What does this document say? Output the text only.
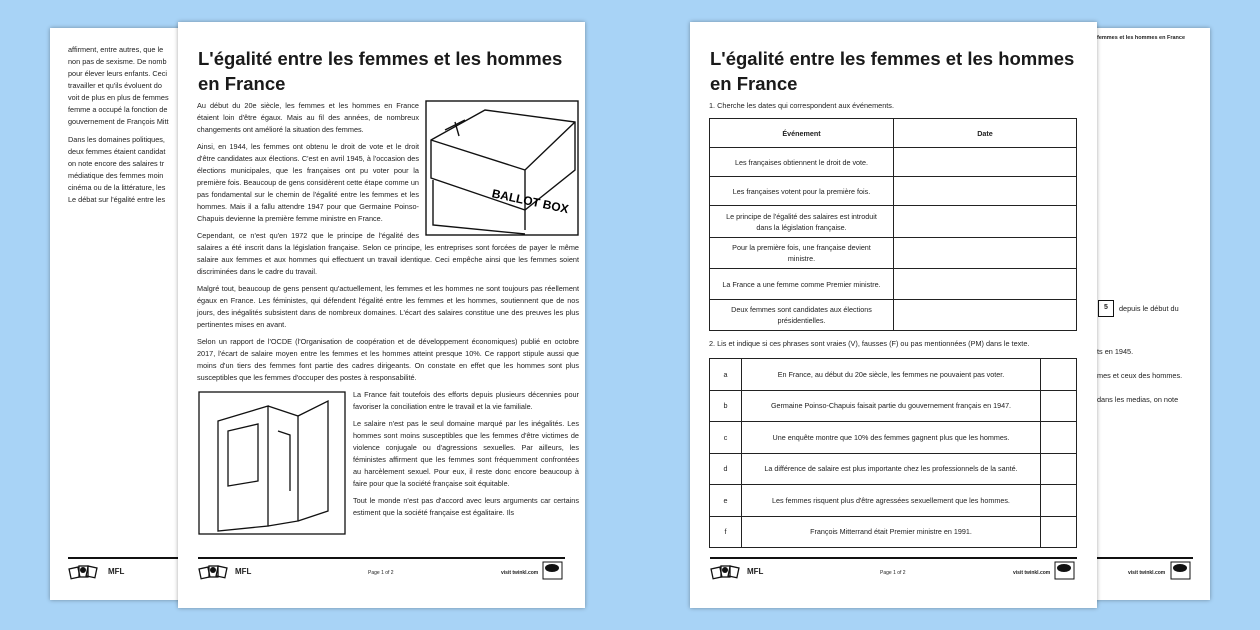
affirment, entre autres, que le
non pas de sexisme. De nomb
pour élever leurs enfants. Ceci
travailler et qu'ils évoluent do
voit de plus en plus de femmes
femme a occupé la fonction de
gouvernement de François Mitt
Dans les domaines politiques,
deux femmes étaient candidat
on note encore des salaires tr
médiatique des femmes moin
cinéma ou de la littérature, les
Le débat sur l'égalité entre les
MFL
femmes et les hommes en France
5	depuis le début du
ts en 1945.
mes et ceux des hommes.
dans les medias, on note
visit twinkl.com
L'égalité entre les femmes et les hommes
en France
BALLOT BOX

Au début du 20e siècle, les femmes et les hommes en France étaient loin d'être égaux. Mais au fil des années, de nombreux changements ont amélioré la situation des femmes.

Ainsi, en 1944, les femmes ont obtenu le droit de vote et le droit d'être candidates aux élections. C'est en avril 1945, à l'occasion des élections municipales, que les françaises ont pu voter pour la première fois. Beaucoup de gens considèrent cette étape comme un pas fondamental sur le chemin de l'égalité entre les femmes et les hommes. Mais il a fallu attendre 1947 pour que Germaine Poinso-Chapuis devienne la première femme ministre en France.

Cependant, ce n'est qu'en 1972 que le principe de l'égalité des salaires a été inscrit dans la législation française. Selon ce principe, les entreprises sont forcées de payer le même salaire aux femmes et aux hommes qui effectuent un travail identique. Ceci empêche ainsi que les femmes soient discriminées dans le cadre du travail.

Malgré tout, beaucoup de gens pensent qu'actuellement, les femmes et les hommes ne sont toujours pas réellement égaux en France. Les féministes, qui défendent l'égalité entre les femmes et les hommes, soutiennent que de nos jours, des inégalités subsistent dans de nombreux domaines. L'écart des salaires constitue une des preuves les plus pertinentes mises en avant.

Selon un rapport de l'OCDE (l'Organisation de coopération et de développement économiques) publié en octobre 2017, l'écart de salaire moyen entre les femmes et les hommes atteint presque 10%. Ce rapport stipule aussi que moins d'un tiers des femmes font partie des cadres dirigeants. On constate en effet que les hommes sont plus susceptibles que les femmes d'occuper des postes à responsabilité.

La France fait toutefois des efforts depuis plusieurs décennies pour favoriser la conciliation entre le travail et la vie familiale.

Le salaire n'est pas le seul domaine marqué par les inégalités. Les hommes sont moins susceptibles que les femmes d'être victimes de violence conjugale ou d'agressions sexuelles. Par ailleurs, les féministes affirment que les femmes sont fréquemment confrontées au harcèlement sexuel. Pour eux, il reste donc encore beaucoup à faire pour que la société française soit équitable.

Tout le monde n'est pas d'accord avec leurs arguments car certains estiment que la société française est égalitaire. Ils

MFL	Page 1 of 2	visit twinkl.com
L'égalité entre les femmes et les hommes
en France
1. Cherche les dates qui correspondent aux événements.
Événement	Date
Les françaises obtiennent le droit de vote.	
Les françaises votent pour la première fois.	
Le principe de l'égalité des salaires est introduit dans la législation française.	
Pour la première fois, une française devient ministre.	
La France a une femme comme Premier ministre.	
Deux femmes sont candidates aux élections présidentielles.	
2. Lis et indique si ces phrases sont vraies (V), fausses (F) ou pas mentionnées (PM) dans le texte.
a	En France, au début du 20e siècle, les femmes ne pouvaient pas voter.	
b	Germaine Poinso-Chapuis faisait partie du gouvernement français en 1947.	
c	Une enquête montre que 10% des femmes gagnent plus que les hommes.	
d	La différence de salaire est plus importante chez les professionnels de la santé.	
e	Les femmes risquent plus d'être agressées sexuellement que les hommes.	
f	François Mitterrand était Premier ministre en 1991.	
MFL	Page 1 of 2	visit twinkl.com
